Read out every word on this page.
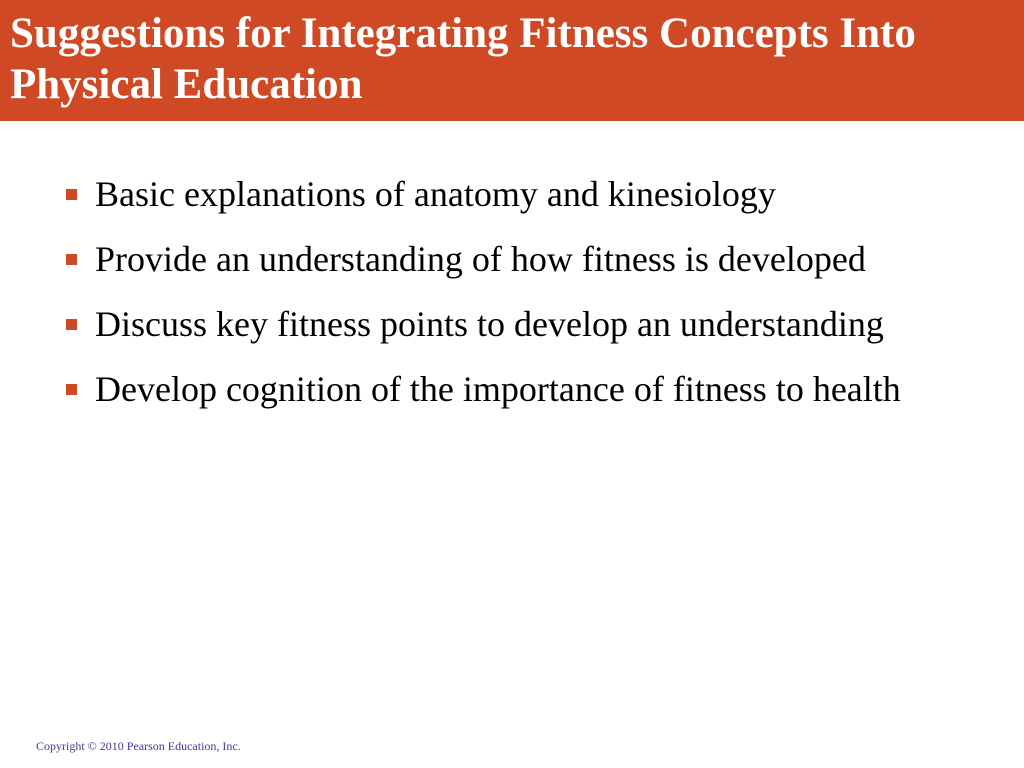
Suggestions for Integrating Fitness Concepts Into Physical Education
Basic explanations of anatomy and kinesiology
Provide an understanding of how fitness is developed
Discuss key fitness points to develop an understanding
Develop cognition of the importance of fitness to health
Copyright © 2010 Pearson Education, Inc.
